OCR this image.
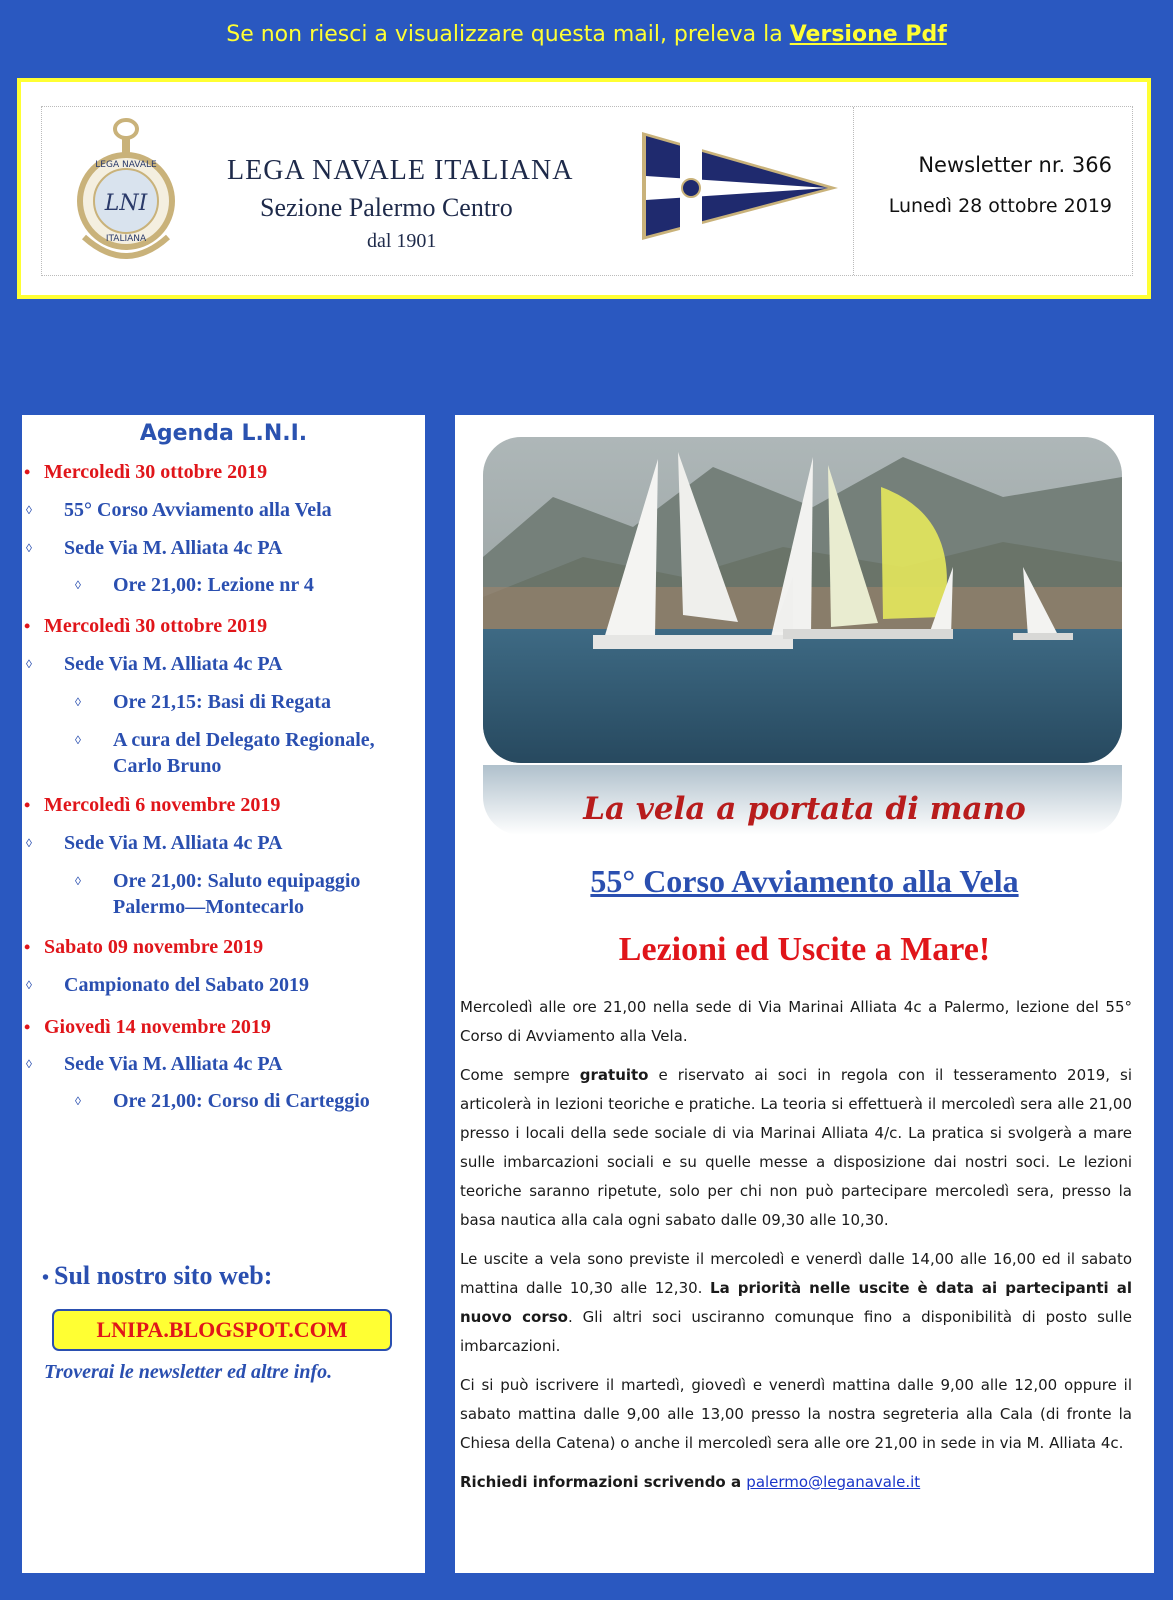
Se non riesci a visualizzare questa mail, preleva la Versione Pdf
LEGA NAVALE
ITALIANA
LNI
LEGA NAVALE ITALIANA
Sezione Palermo Centro
dal 1901
Newsletter nr. 366
Lunedì 28 ottobre 2019
Agenda L.N.I.
• Mercoledì 30 ottobre 2019
◊ 55° Corso Avviamento alla Vela
◊ Sede Via M. Alliata 4c PA
◊ Ore 21,00: Lezione nr 4
• Mercoledì 30 ottobre 2019
◊ Sede Via M. Alliata 4c PA
◊ Ore 21,15: Basi di Regata
◊ A cura del Delegato Regionale,
Carlo Bruno
• Mercoledì 6 novembre 2019
◊ Sede Via M. Alliata 4c PA
◊ Ore 21,00: Saluto equipaggio
Palermo—Montecarlo
• Sabato 09 novembre 2019
◊ Campionato del Sabato 2019
• Giovedì 14 novembre 2019
◊ Sede Via M. Alliata 4c PA
◊ Ore 21,00: Corso di Carteggio
• Sul nostro sito web:
LNIPA.BLOGSPOT.COM
Troverai le newsletter ed altre info.
La vela a portata di mano
55° Corso Avviamento alla Vela
Lezioni ed Uscite a Mare!

Mercoledì alle ore 21,00 nella sede di Via Marinai Alliata 4c a Palermo, lezione del 55° Corso di Avviamento alla Vela.

Come sempre gratuito e riservato ai soci in regola con il tesseramento 2019, si articolerà in lezioni teoriche e pratiche. La teoria si effettuerà il mercoledì sera alle 21,00 presso i locali della sede sociale di via Marinai Alliata 4/c. La pratica si svolgerà a mare sulle imbarcazioni sociali e su quelle messe a disposizione dai nostri soci. Le lezioni teoriche saranno ripetute, solo per chi non può partecipare mercoledì sera, presso la basa nautica alla cala ogni sabato dalle 09,30 alle 10,30.

Le uscite a vela sono previste il mercoledì e venerdì dalle 14,00 alle 16,00 ed il sabato mattina dalle 10,30 alle 12,30. La priorità nelle uscite è data ai partecipanti al nuovo corso. Gli altri soci usciranno comunque fino a disponibilità di posto sulle imbarcazioni.

Ci si può iscrivere il martedì, giovedì e venerdì mattina dalle 9,00 alle 12,00 oppure il sabato mattina dalle 9,00 alle 13,00 presso la nostra segreteria alla Cala (di fronte la Chiesa della Catena) o anche il mercoledì sera alle ore 21,00 in sede in via M. Alliata 4c.

Richiedi informazioni scrivendo a palermo@leganavale.it
